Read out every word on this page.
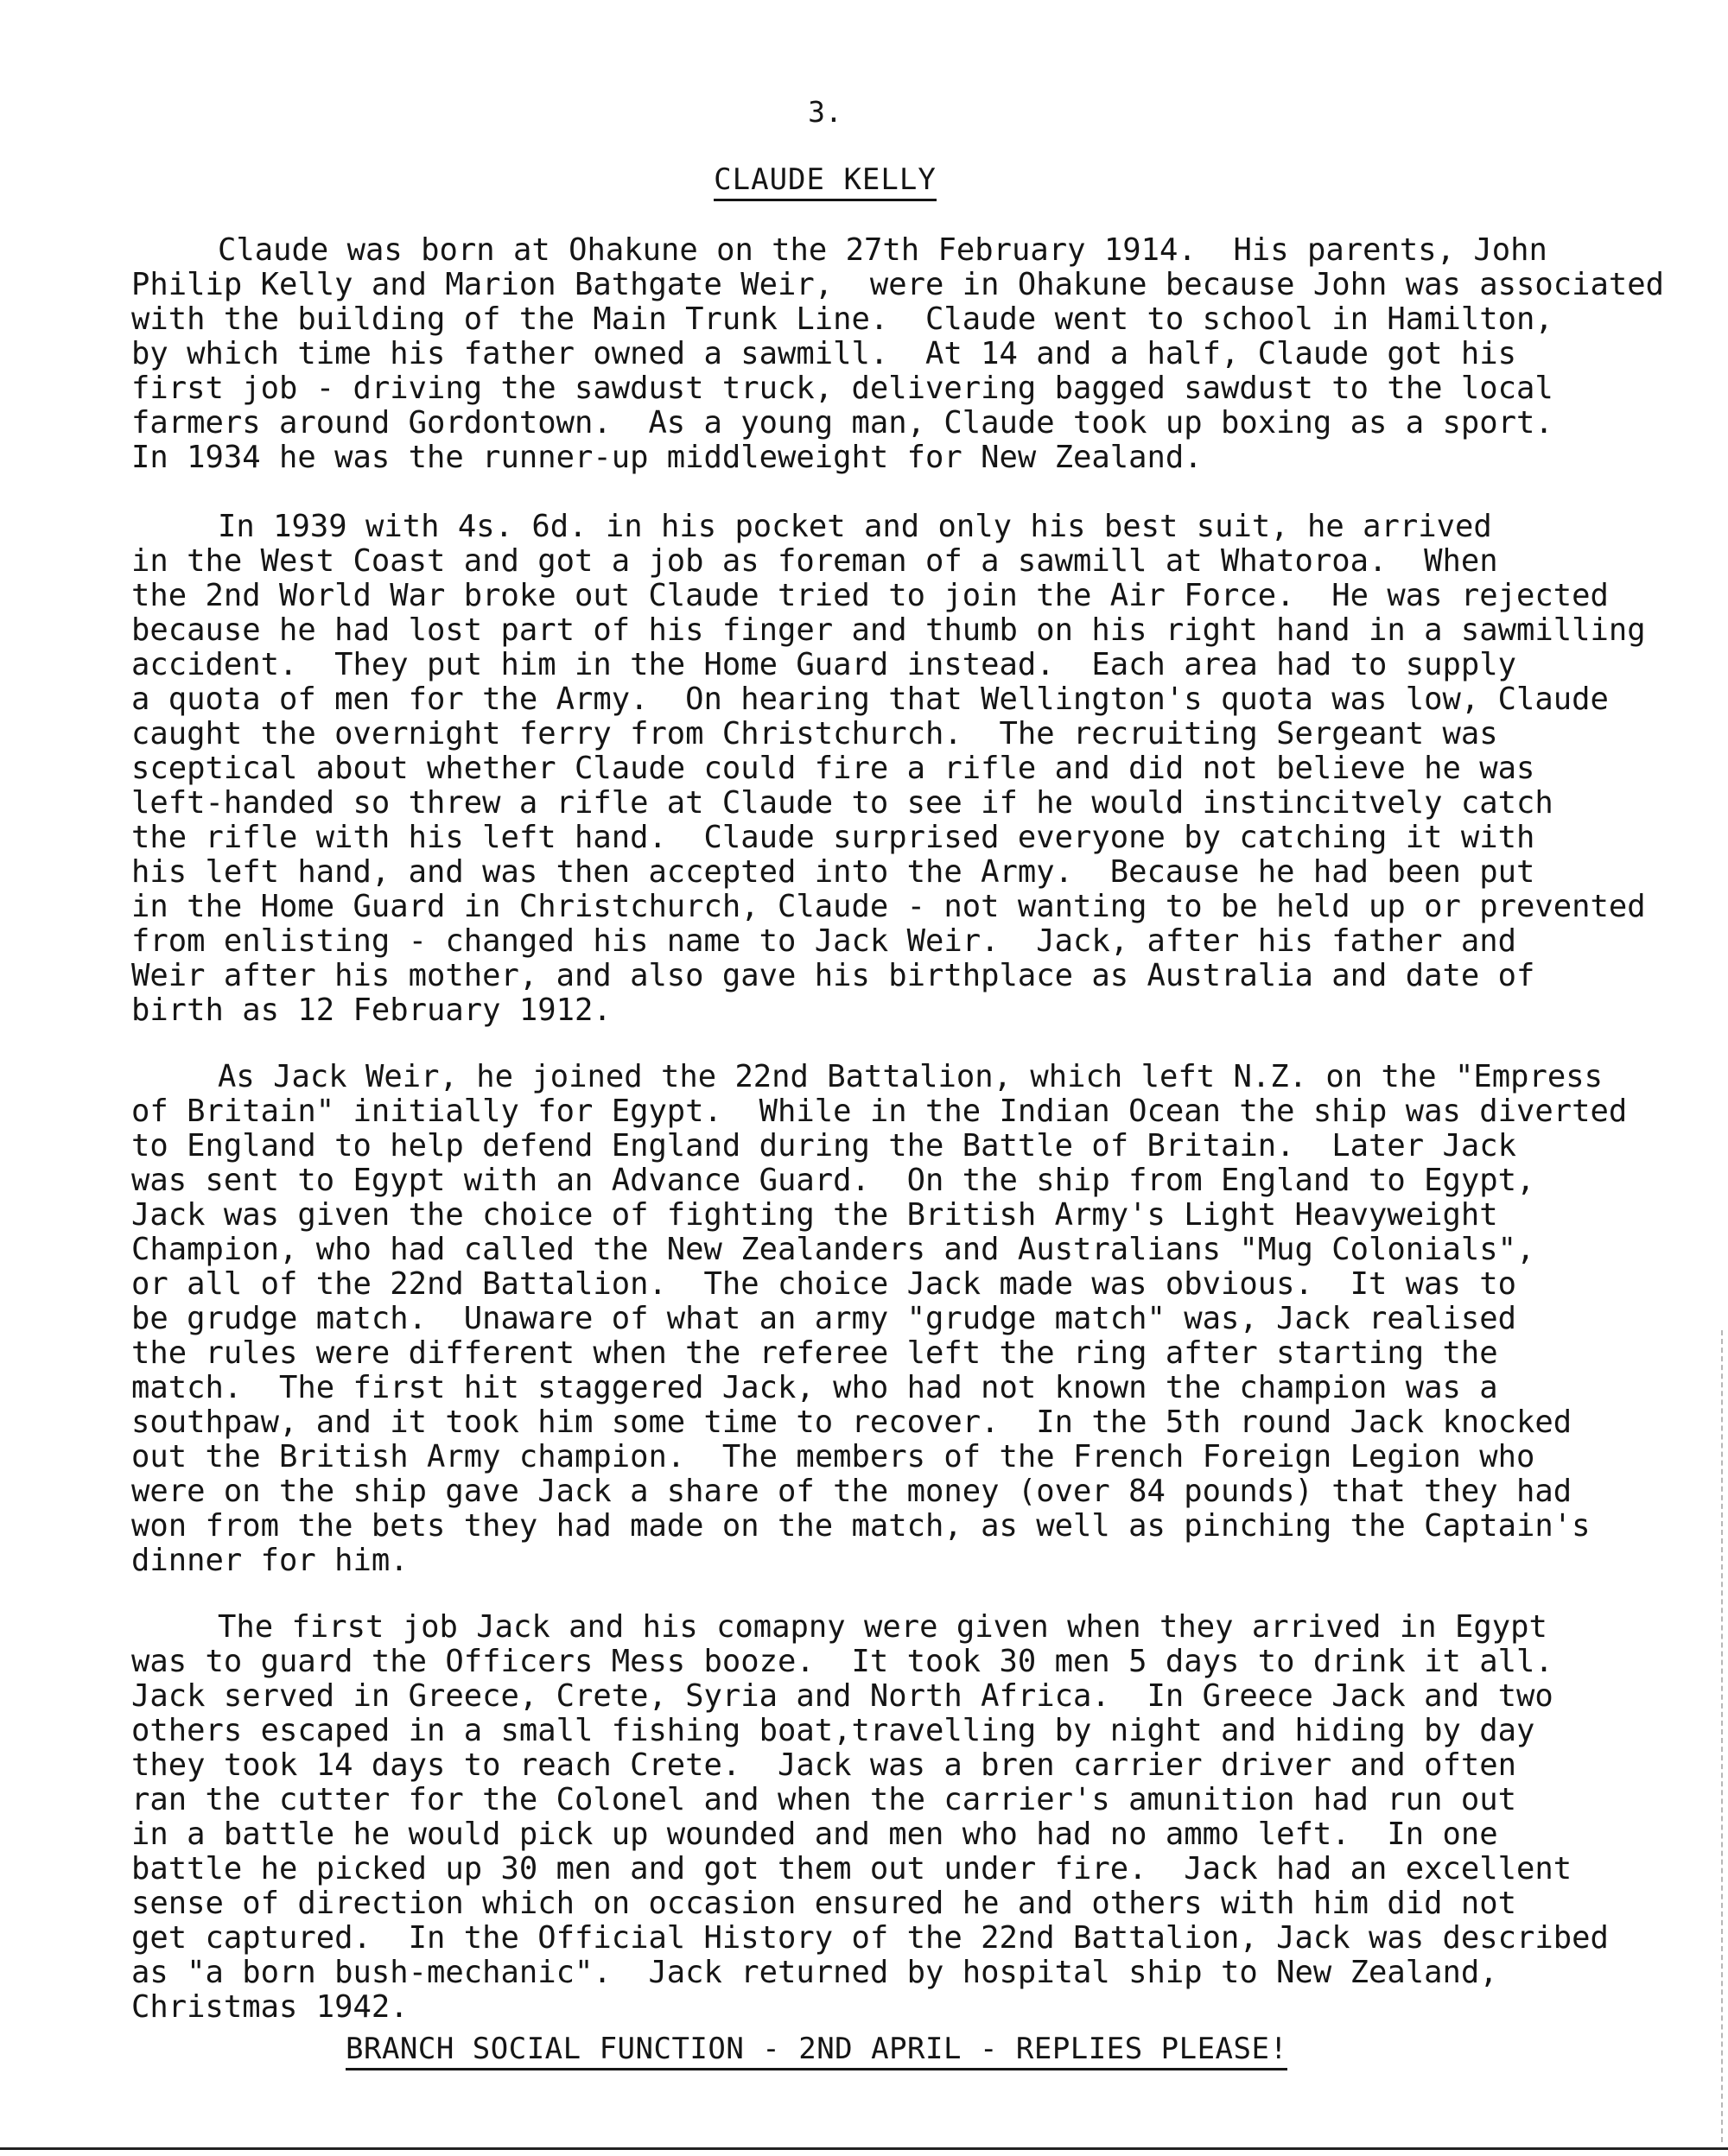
3.
CLAUDE KELLY
Claude was born at Ohakune on the 27th February 1914.  His parents, John
Philip Kelly and Marion Bathgate Weir,  were in Ohakune because John was associated
with the building of the Main Trunk Line.  Claude went to school in Hamilton,
by which time his father owned a sawmill.  At 14 and a half, Claude got his
first job - driving the sawdust truck, delivering bagged sawdust to the local
farmers around Gordontown.  As a young man, Claude took up boxing as a sport.
In 1934 he was the runner-up middleweight for New Zealand.
In 1939 with 4s. 6d. in his pocket and only his best suit, he arrived
in the West Coast and got a job as foreman of a sawmill at Whatoroa.  When
the 2nd World War broke out Claude tried to join the Air Force.  He was rejected
because he had lost part of his finger and thumb on his right hand in a sawmilling
accident.  They put him in the Home Guard instead.  Each area had to supply
a quota of men for the Army.  On hearing that Wellington's quota was low, Claude
caught the overnight ferry from Christchurch.  The recruiting Sergeant was
sceptical about whether Claude could fire a rifle and did not believe he was
left-handed so threw a rifle at Claude to see if he would instincitvely catch
the rifle with his left hand.  Claude surprised everyone by catching it with
his left hand, and was then accepted into the Army.  Because he had been put
in the Home Guard in Christchurch, Claude - not wanting to be held up or prevented
from enlisting - changed his name to Jack Weir.  Jack, after his father and
Weir after his mother, and also gave his birthplace as Australia and date of
birth as 12 February 1912.
As Jack Weir, he joined the 22nd Battalion, which left N.Z. on the "Empress
of Britain" initially for Egypt.  While in the Indian Ocean the ship was diverted
to England to help defend England during the Battle of Britain.  Later Jack
was sent to Egypt with an Advance Guard.  On the ship from England to Egypt,
Jack was given the choice of fighting the British Army's Light Heavyweight
Champion, who had called the New Zealanders and Australians "Mug Colonials",
or all of the 22nd Battalion.  The choice Jack made was obvious.  It was to
be grudge match.  Unaware of what an army "grudge match" was, Jack realised
the rules were different when the referee left the ring after starting the
match.  The first hit staggered Jack, who had not known the champion was a
southpaw, and it took him some time to recover.  In the 5th round Jack knocked
out the British Army champion.  The members of the French Foreign Legion who
were on the ship gave Jack a share of the money (over 84 pounds) that they had
won from the bets they had made on the match, as well as pinching the Captain's
dinner for him.
The first job Jack and his comapny were given when they arrived in Egypt
was to guard the Officers Mess booze.  It took 30 men 5 days to drink it all.
Jack served in Greece, Crete, Syria and North Africa.  In Greece Jack and two
others escaped in a small fishing boat,travelling by night and hiding by day
they took 14 days to reach Crete.  Jack was a bren carrier driver and often
ran the cutter for the Colonel and when the carrier's amunition had run out
in a battle he would pick up wounded and men who had no ammo left.  In one
battle he picked up 30 men and got them out under fire.  Jack had an excellent
sense of direction which on occasion ensured he and others with him did not
get captured.  In the Official History of the 22nd Battalion, Jack was described
as "a born bush-mechanic".  Jack returned by hospital ship to New Zealand,
Christmas 1942.
BRANCH SOCIAL FUNCTION - 2ND APRIL - REPLIES PLEASE!
